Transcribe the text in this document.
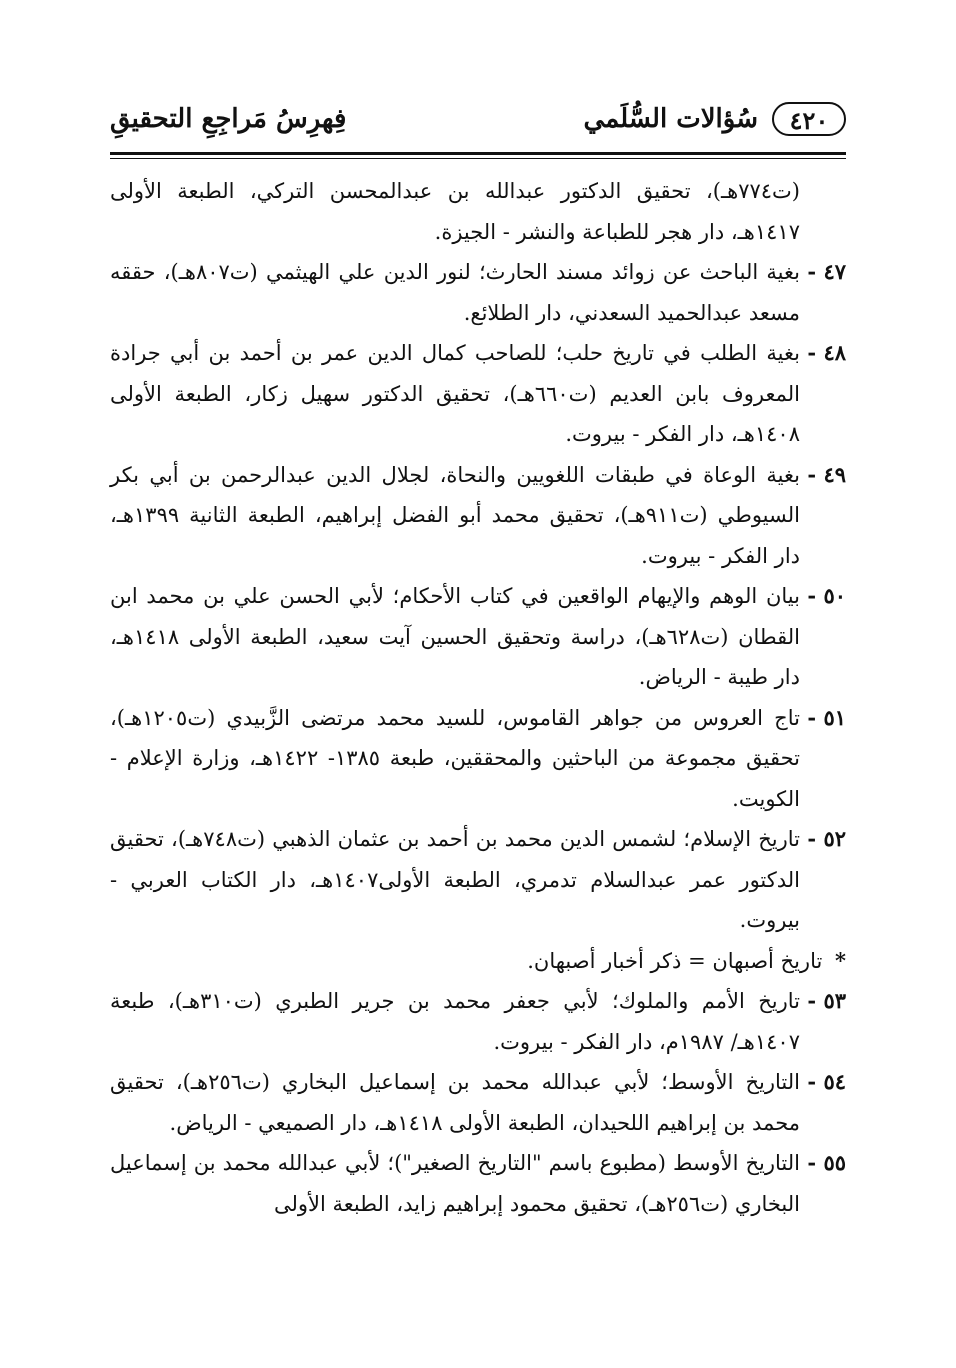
٤٢٠
سُؤالات السُّلَمي
فِهرِسُ مَراجِعِ التحقيقِ
(ت٧٧٤هـ)، تحقيق الدكتور عبدالله بن عبدالمحسن التركي، الطبعة الأولى ١٤١٧هـ، دار هجر للطباعة والنشر - الجيزة.
٤٧ -
بغية الباحث عن زوائد مسند الحارث؛ لنور الدين علي الهيثمي (ت٨٠٧هـ)، حققه مسعد عبدالحميد السعدني، دار الطلائع.
٤٨ -
بغية الطلب في تاريخ حلب؛ للصاحب كمال الدين عمر بن أحمد بن أبي جرادة المعروف بابن العديم (ت٦٦٠هـ)، تحقيق الدكتور سهيل زكار، الطبعة الأولى ١٤٠٨هـ، دار الفكر - بيروت.
٤٩ -
بغية الوعاة في طبقات اللغويين والنحاة، لجلال الدين عبدالرحمن بن أبي بكر السيوطي (ت٩١١هـ)، تحقيق محمد أبو الفضل إبراهيم، الطبعة الثانية ١٣٩٩هـ، دار الفكر - بيروت.
٥٠ -
بيان الوهم والإيهام الواقعين في كتاب الأحكام؛ لأبي الحسن علي بن محمد ابن القطان (ت٦٢٨هـ)، دراسة وتحقيق الحسين آيت سعيد، الطبعة الأولى ١٤١٨هـ، دار طيبة - الرياض.
٥١ -
تاج العروس من جواهر القاموس، للسيد محمد مرتضى الزَّبيدي (ت١٢٠٥هـ)، تحقيق مجموعة من الباحثين والمحققين، طبعة ١٣٨٥- ١٤٢٢هـ، وزارة الإعلام - الكويت.
٥٢ -
تاريخ الإسلام؛ لشمس الدين محمد بن أحمد بن عثمان الذهبي (ت٧٤٨هـ)، تحقيق الدكتور عمر عبدالسلام تدمري، الطبعة الأولى١٤٠٧هـ، دار الكتاب العربي - بيروت.
* تاريخ أصبهان = ذكر أخبار أصبهان.
٥٣ -
تاريخ الأمم والملوك؛ لأبي جعفر محمد بن جرير الطبري (ت٣١٠هـ)، طبعة ١٤٠٧هـ/ ١٩٨٧م، دار الفكر - بيروت.
٥٤ -
التاريخ الأوسط؛ لأبي عبدالله محمد بن إسماعيل البخاري (ت٢٥٦هـ)، تحقيق محمد بن إبراهيم اللحيدان، الطبعة الأولى ١٤١٨هـ، دار الصميعي - الرياض.
٥٥ -
التاريخ الأوسط (مطبوع باسم "التاريخ الصغير")؛ لأبي عبدالله محمد بن إسماعيل البخاري (ت٢٥٦هـ)، تحقيق محمود إبراهيم زايد، الطبعة الأولى
